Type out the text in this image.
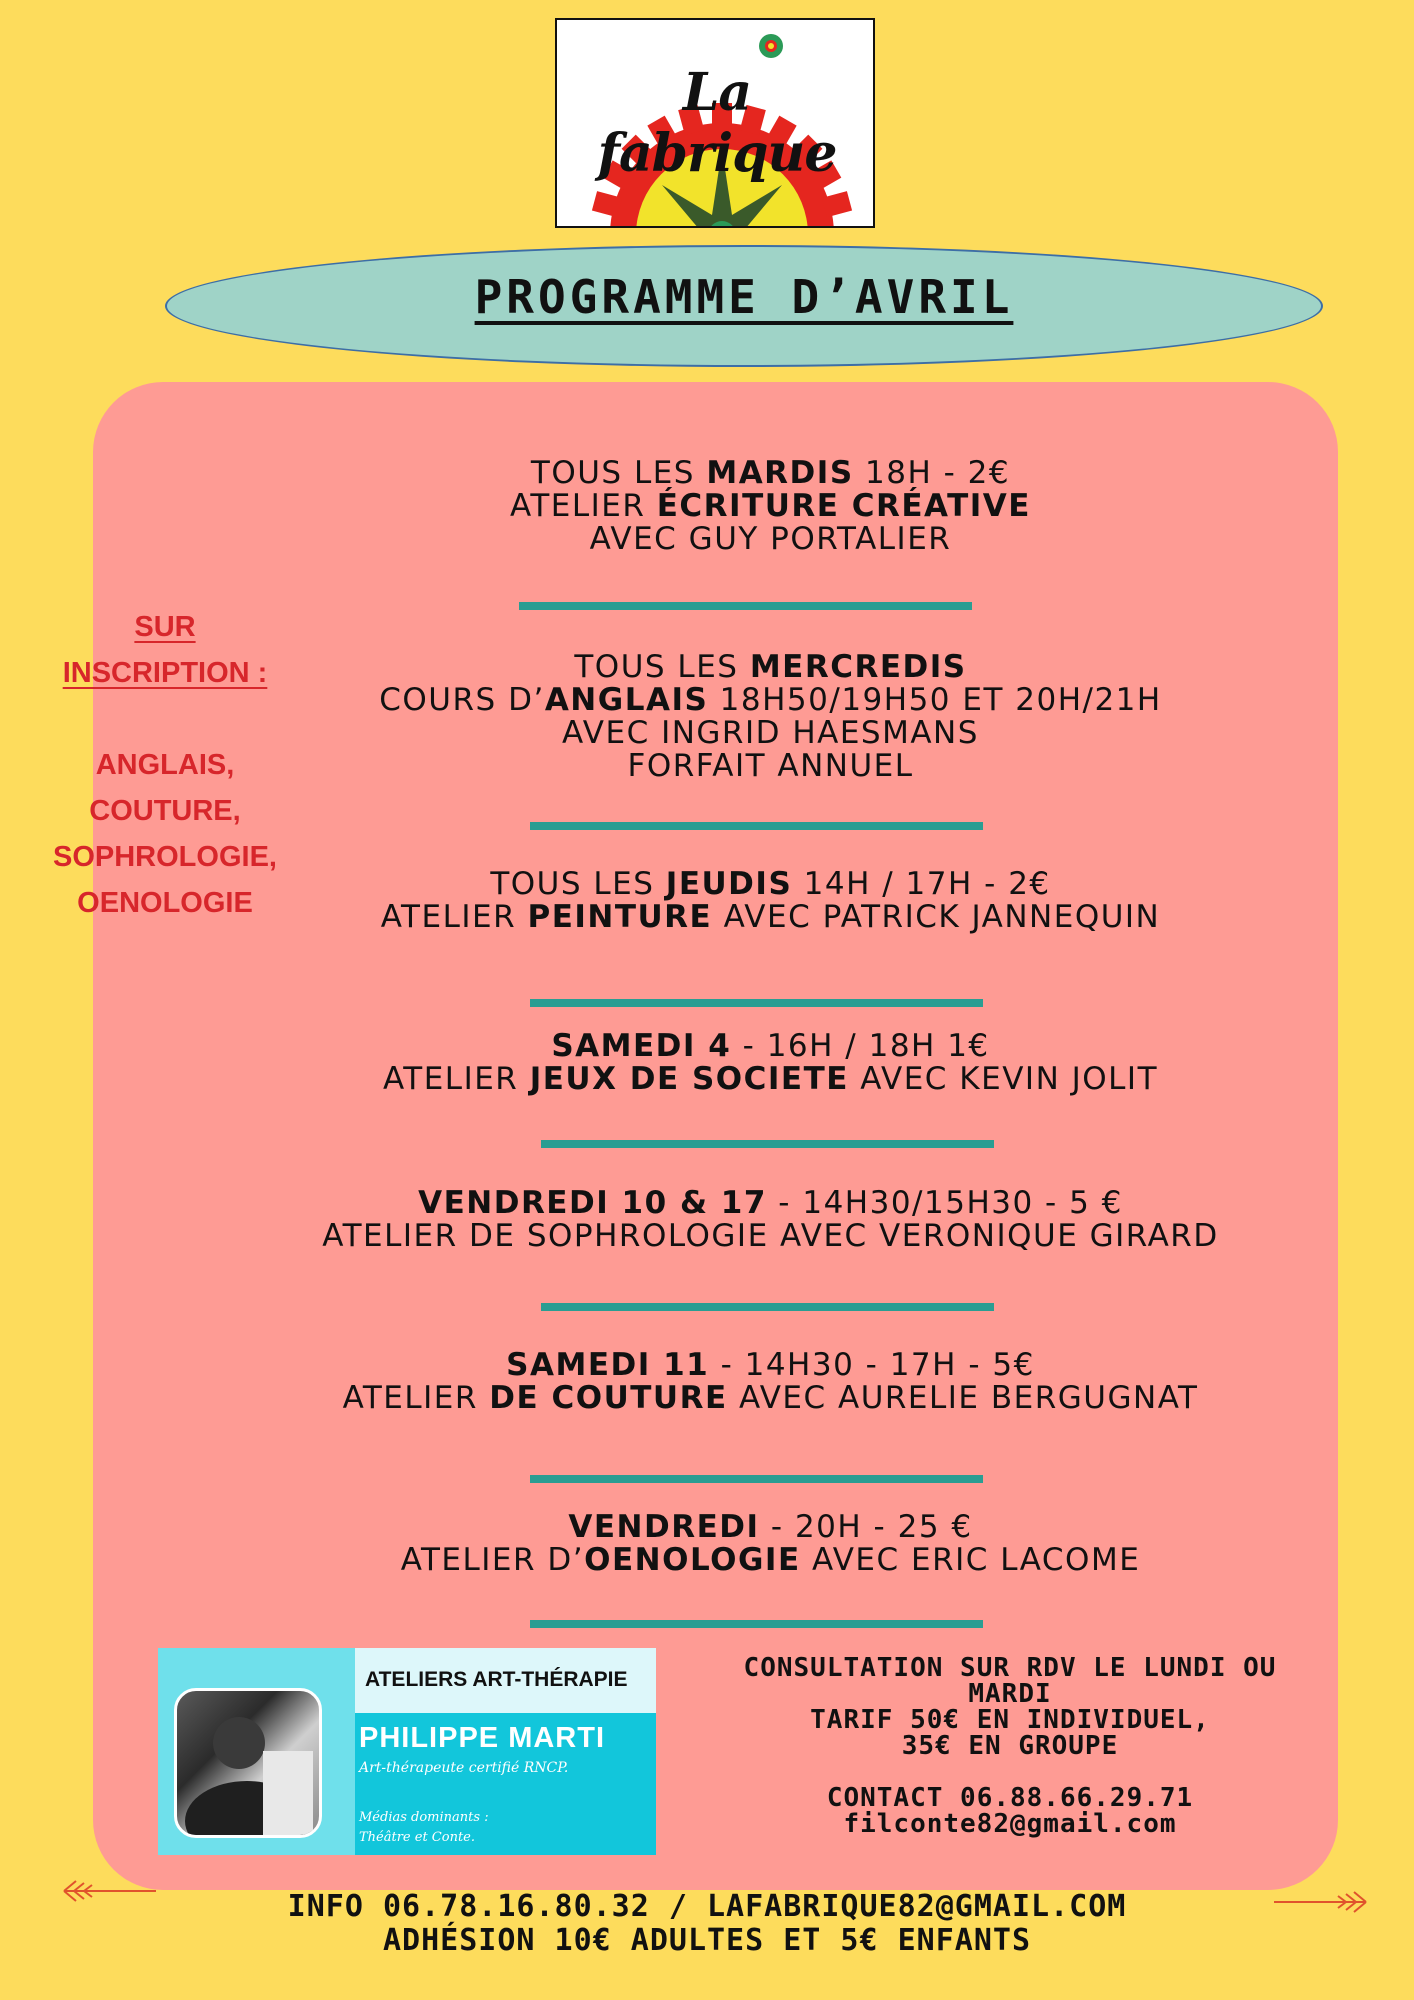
La fabrique
PROGRAMME D’AVRIL
SUR
INSCRIPTION :
ANGLAIS,
COUTURE,
SOPHROLOGIE,
OENOLOGIE
TOUS LES MARDIS 18H - 2€
ATELIER ÉCRITURE CRÉATIVE
AVEC GUY PORTALIER
TOUS LES MERCREDIS
COURS D’ANGLAIS 18H50/19H50 ET 20H/21H
AVEC INGRID HAESMANS
FORFAIT ANNUEL
TOUS LES JEUDIS 14H / 17H - 2€
ATELIER PEINTURE AVEC PATRICK JANNEQUIN
SAMEDI 4 - 16H / 18H 1€
ATELIER JEUX DE SOCIETE AVEC KEVIN JOLIT
VENDREDI 10 & 17 - 14H30/15H30 - 5 €
ATELIER DE SOPHROLOGIE AVEC VERONIQUE GIRARD
SAMEDI 11 - 14H30 - 17H - 5€
ATELIER DE COUTURE AVEC AURELIE BERGUGNAT
VENDREDI - 20H - 25 €
ATELIER D’OENOLOGIE AVEC ERIC LACOME
ATELIERS ART-THÉRAPIE
PHILIPPE MARTI
Art-thérapeute certifié RNCP.
Médias dominants :
Théâtre et Conte.
CONSULTATION SUR RDV LE LUNDI OU
MARDI
TARIF 50€ EN INDIVIDUEL,
35€ EN GROUPE
CONTACT 06.88.66.29.71
filconte82@gmail.com
INFO 06.78.16.80.32 / LAFABRIQUE82@GMAIL.COM
ADHÉSION 10€ ADULTES ET 5€ ENFANTS
